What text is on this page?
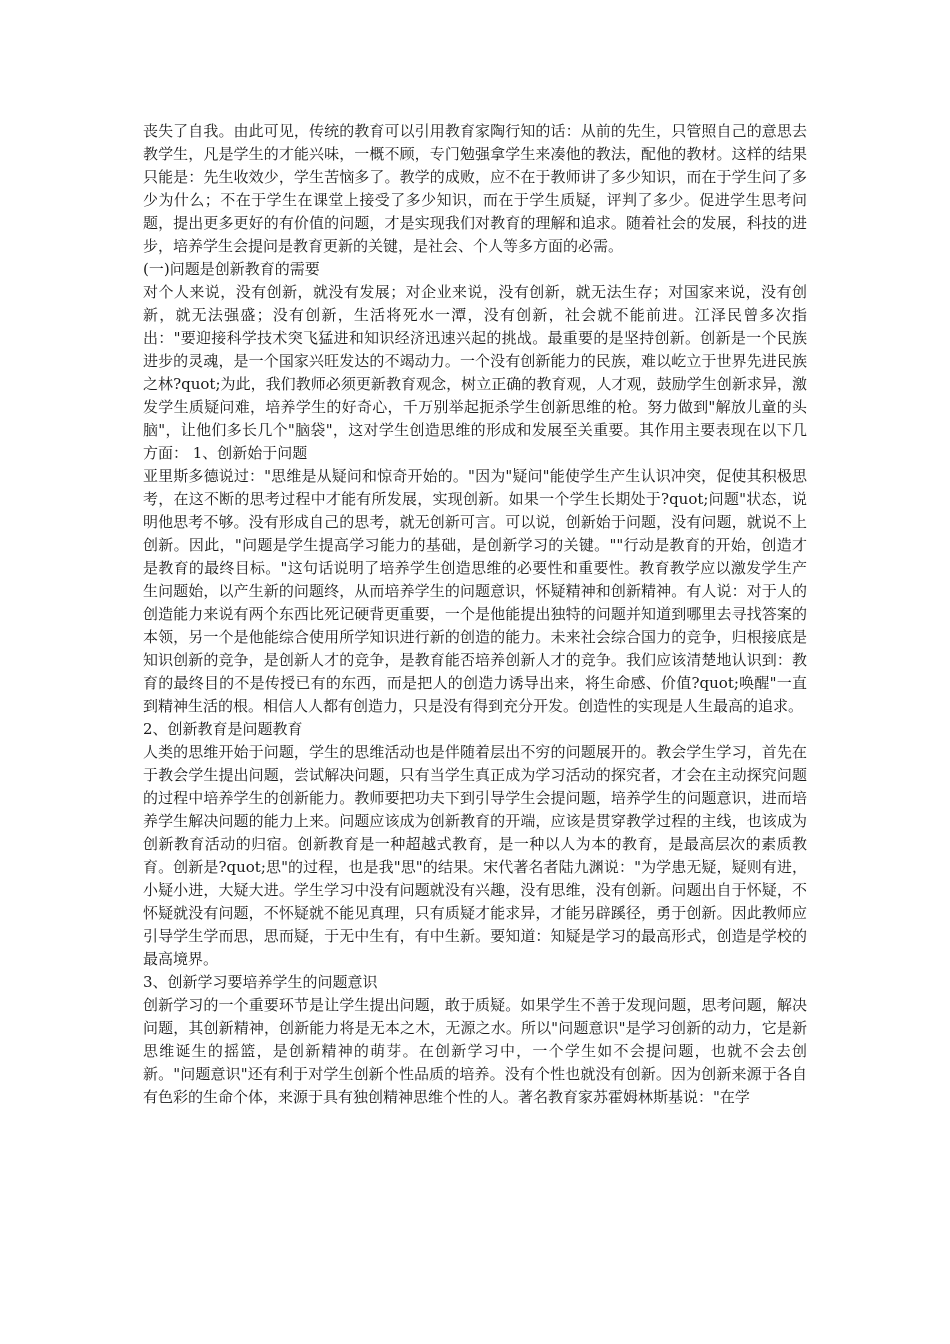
丧失了自我。由此可见，传统的教育可以引用教育家陶行知的话：从前的先生，只管照自己的意思去教学生，凡是学生的才能兴味，一概不顾，专门勉强拿学生来凑他的教法，配他的教材。这样的结果只能是：先生收效少，学生苦恼多了。教学的成败，应不在于教师讲了多少知识，而在于学生问了多少为什么；不在于学生在课堂上接受了多少知识，而在于学生质疑，评判了多少。促进学生思考问题，提出更多更好的有价值的问题，才是实现我们对教育的理解和追求。随着社会的发展，科技的进步，培养学生会提问是教育更新的关键，是社会、个人等多方面的必需。

(一)问题是创新教育的需要

对个人来说，没有创新，就没有发展；对企业来说，没有创新，就无法生存；对国家来说，没有创新，就无法强盛；没有创新，生活将死水一潭，没有创新，社会就不能前进。江泽民曾多次指出："要迎接科学技术突飞猛进和知识经济迅速兴起的挑战。最重要的是坚持创新。创新是一个民族进步的灵魂，是一个国家兴旺发达的不竭动力。一个没有创新能力的民族，难以屹立于世界先进民族之林?quot;为此，我们教师必须更新教育观念，树立正确的教育观，人才观，鼓励学生创新求异，激发学生质疑问难，培养学生的好奇心，千万别举起扼杀学生创新思维的枪。努力做到"解放儿童的头脑"，让他们多长几个"脑袋"，这对学生创造思维的形成和发展至关重要。其作用主要表现在以下几方面： 1、创新始于问题

亚里斯多德说过："思维是从疑问和惊奇开始的。"因为"疑问"能使学生产生认识冲突，促使其积极思考，在这不断的思考过程中才能有所发展，实现创新。如果一个学生长期处于?quot;问题"状态，说明他思考不够。没有形成自己的思考，就无创新可言。可以说，创新始于问题，没有问题，就说不上创新。因此，"问题是学生提高学习能力的基础，是创新学习的关键。""行动是教育的开始，创造才是教育的最终目标。"这句话说明了培养学生创造思维的必要性和重要性。教育教学应以激发学生产生问题始，以产生新的问题终，从而培养学生的问题意识，怀疑精神和创新精神。有人说：对于人的创造能力来说有两个东西比死记硬背更重要，一个是他能提出独特的问题并知道到哪里去寻找答案的本领，另一个是他能综合使用所学知识进行新的创造的能力。未来社会综合国力的竞争，归根接底是知识创新的竞争，是创新人才的竞争，是教育能否培养创新人才的竞争。我们应该清楚地认识到：教育的最终目的不是传授已有的东西，而是把人的创造力诱导出来，将生命感、价值?quot;唤醒"一直到精神生活的根。相信人人都有创造力，只是没有得到充分开发。创造性的实现是人生最高的追求。

2、创新教育是问题教育

人类的思维开始于问题，学生的思维活动也是伴随着层出不穷的问题展开的。教会学生学习，首先在于教会学生提出问题，尝试解决问题，只有当学生真正成为学习活动的探究者，才会在主动探究问题的过程中培养学生的创新能力。教师要把功夫下到引导学生会提问题，培养学生的问题意识，进而培养学生解决问题的能力上来。问题应该成为创新教育的开端，应该是贯穿教学过程的主线，也该成为创新教育活动的归宿。创新教育是一种超越式教育，是一种以人为本的教育，是最高层次的素质教育。创新是?quot;思"的过程，也是我"思"的结果。宋代著名者陆九渊说："为学患无疑，疑则有进，小疑小进，大疑大进。学生学习中没有问题就没有兴趣，没有思维，没有创新。问题出自于怀疑，不怀疑就没有问题，不怀疑就不能见真理，只有质疑才能求异，才能另辟蹊径，勇于创新。因此教师应引导学生学而思，思而疑，于无中生有，有中生新。要知道：知疑是学习的最高形式，创造是学校的最高境界。

3、创新学习要培养学生的问题意识

创新学习的一个重要环节是让学生提出问题，敢于质疑。如果学生不善于发现问题，思考问题，解决问题，其创新精神，创新能力将是无本之木，无源之水。所以"问题意识"是学习创新的动力，它是新思维诞生的摇篮，是创新精神的萌芽。在创新学习中，一个学生如不会提问题，也就不会去创新。"问题意识"还有利于对学生创新个性品质的培养。没有个性也就没有创新。因为创新来源于各自有色彩的生命个体，来源于具有独创精神思维个性的人。著名教育家苏霍姆林斯基说："在学
